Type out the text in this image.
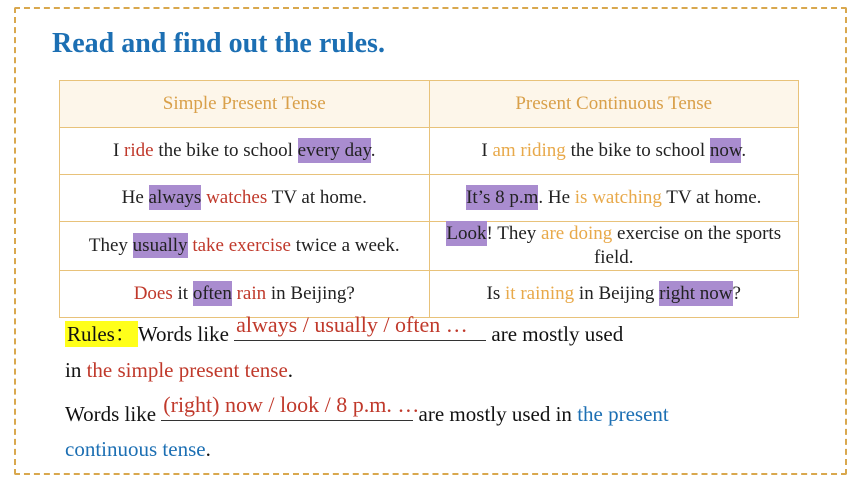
Read and find out the rules.
Simple Present Tense	Present Continuous Tense
I ride the bike to school every day.	I am riding the bike to school now.
He always watches TV at home.	It’s 8 p.m. He is watching TV at home.
They usually take exercise twice a week.	Look! They are doing exercise on the sports field.
Does it often rain in Beijing?	Is it raining in Beijing right now?
Rules：Words like always / usually / often … are mostly used
in the simple present tense.
Words like (right) now / look / 8 p.m. … are mostly used in the present
continuous tense.
